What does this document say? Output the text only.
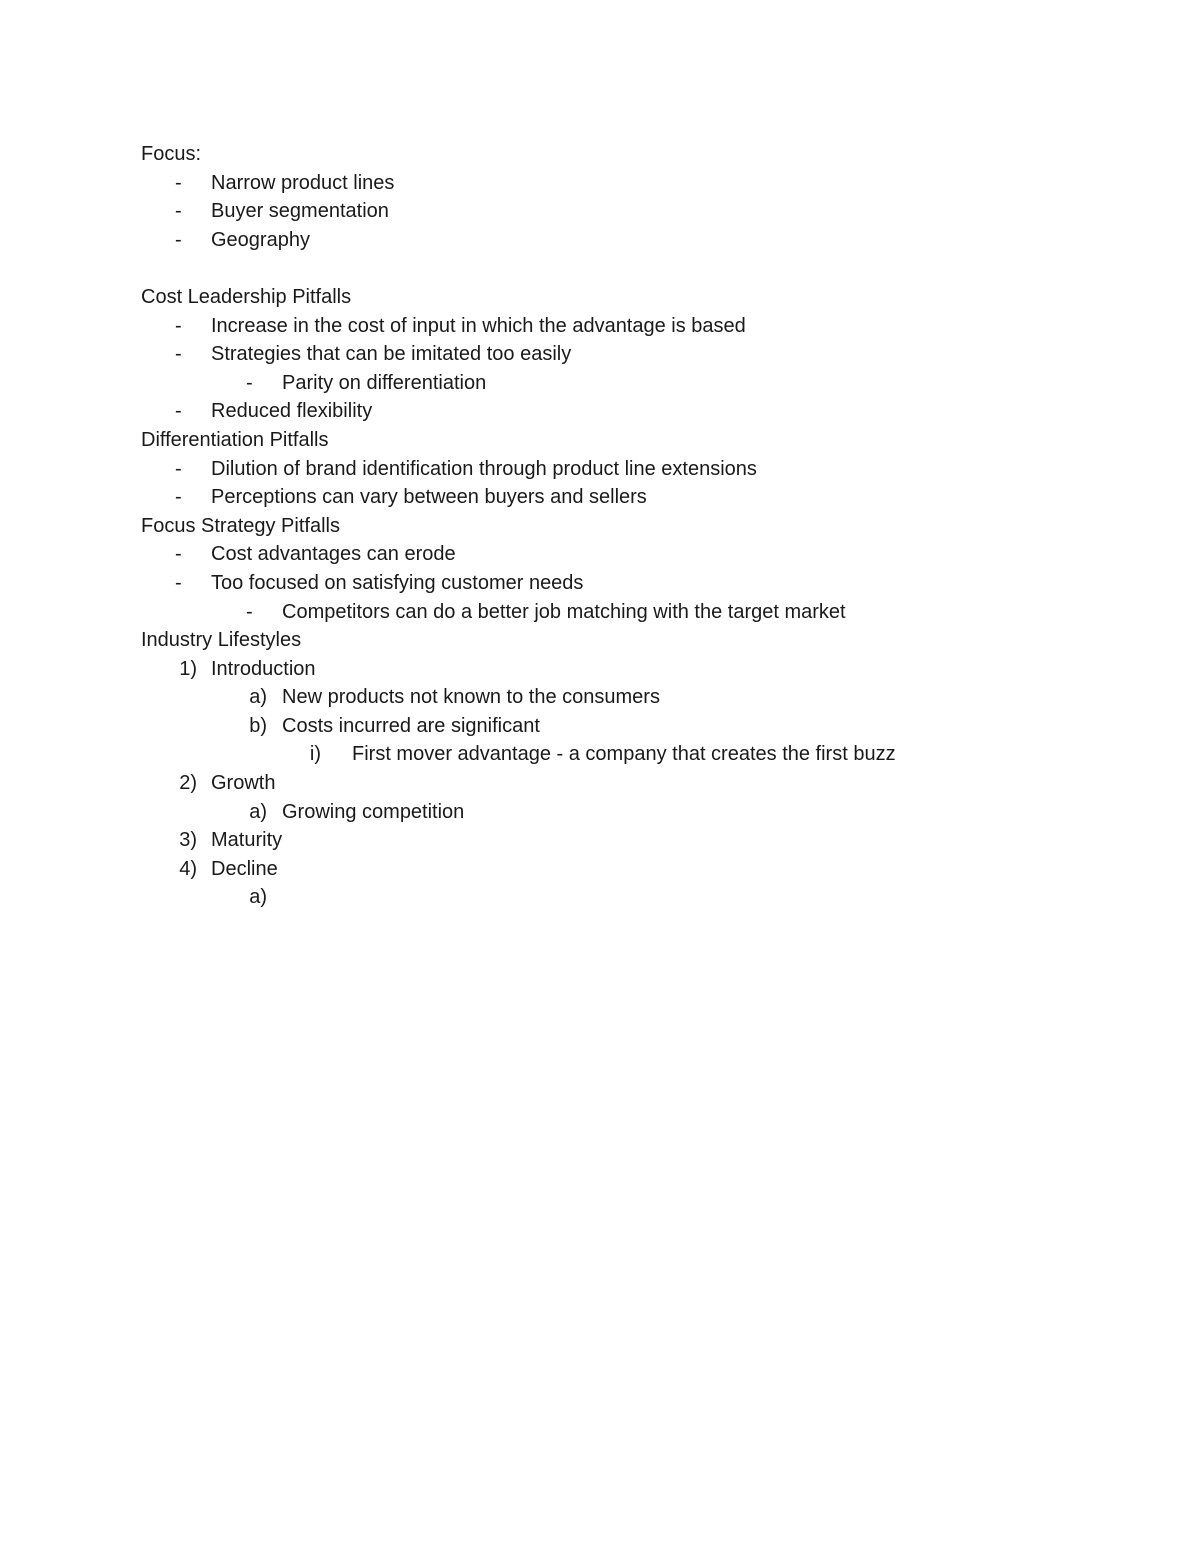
Focus:
-	Narrow product lines
-	Buyer segmentation
-	Geography
Cost Leadership Pitfalls
-	Increase in the cost of input in which the advantage is based
-	Strategies that can be imitated too easily
-	Parity on differentiation
-	Reduced flexibility
Differentiation Pitfalls
-	Dilution of brand identification through product line extensions
-	Perceptions can vary between buyers and sellers
Focus Strategy Pitfalls
-	Cost advantages can erode
-	Too focused on satisfying customer needs
-	Competitors can do a better job matching with the target market
Industry Lifestyles
1) Introduction
a) New products not known to the consumers
b) Costs incurred are significant
i) First mover advantage - a company that creates the first buzz
2) Growth
a) Growing competition
3) Maturity
4) Decline
a)
